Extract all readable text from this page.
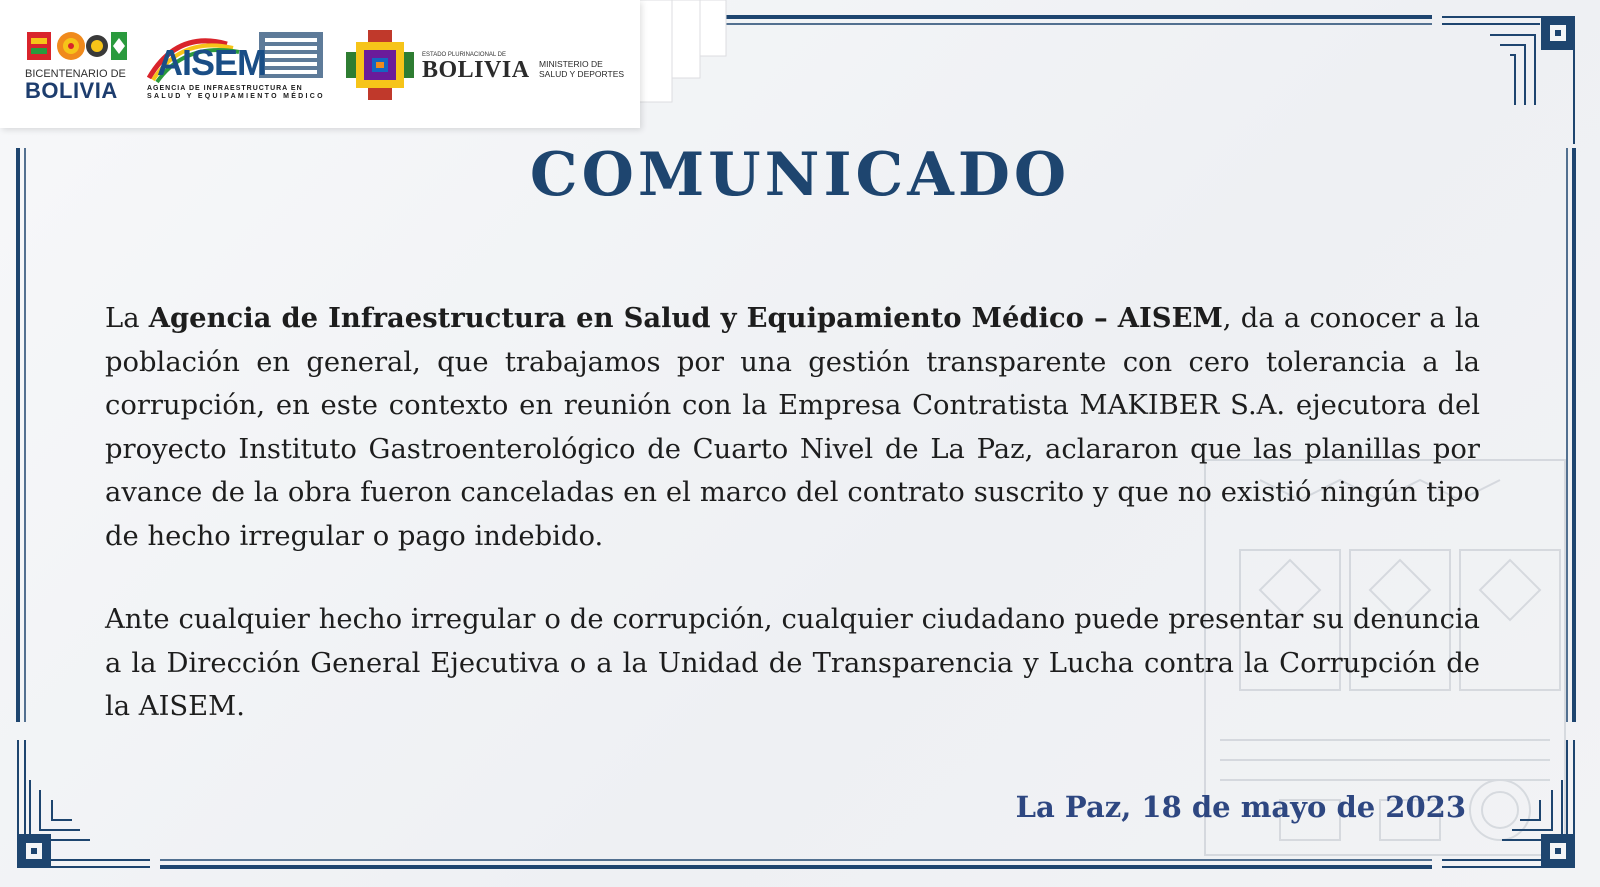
BICENTENARIO DE
BOLIVIA
AISEM
AGENCIA DE INFRAESTRUCTURA EN
SALUD Y EQUIPAMIENTO MÉDICO
ESTADO PLURINACIONAL DE
BOLIVIA MINISTERIO DE
SALUD Y DEPORTES
COMUNICADO

La Agencia de Infraestructura en Salud y Equipamiento Médico – AISEM, da a conocer a la población en general, que trabajamos por una gestión transparente con cero tolerancia a la corrupción, en este contexto en reunión con la Empresa Contratista MAKIBER S.A. ejecutora del proyecto Instituto Gastroenterológico de Cuarto Nivel de La Paz, aclararon que las planillas por avance de la obra fueron canceladas en el marco del contrato suscrito y que no existió ningún tipo de hecho irregular o pago indebido.

Ante cualquier hecho irregular o de corrupción, cualquier ciudadano puede presentar su denuncia a la Dirección General Ejecutiva o a la Unidad de Transparencia y Lucha contra la Corrupción de la AISEM.

La Paz, 18 de mayo de 2023
